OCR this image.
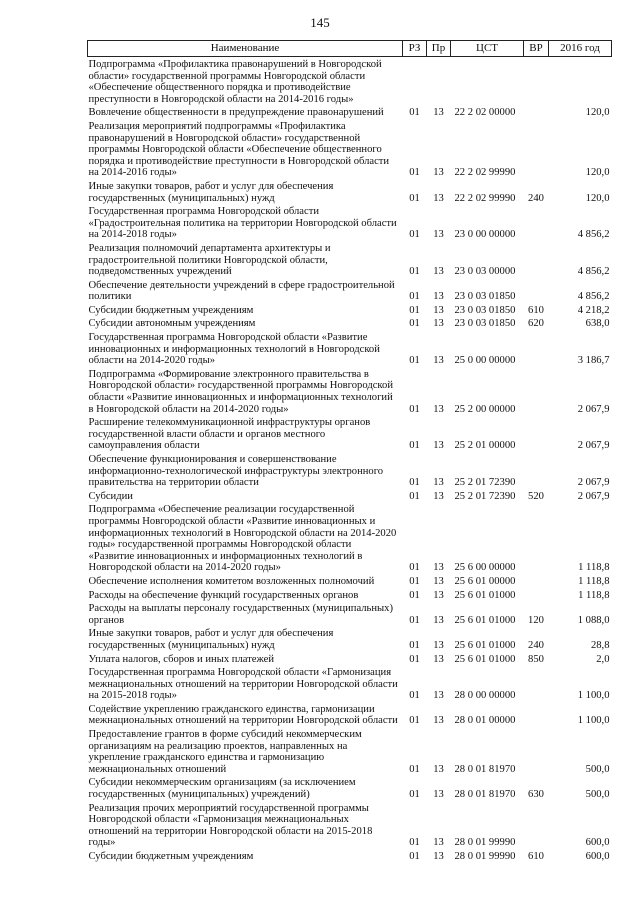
145
Наименование	РЗ	Пр	ЦСТ	ВР	2016 год
Подпрограмма «Профилактика правонарушений в Новгородской области» государственной программы Новгородской области «Обеспечение общественного порядка и противодействие преступности в Новгородской области на 2014-2016 годы»					
Вовлечение общественности в предупреждение правонарушений	01	13	22 2 02 00000		120,0
Реализация мероприятий подпрограммы «Профилактика правонарушений в Новгородской области» государственной программы Новгородской области «Обеспечение общественного порядка и противодействие преступности в Новгородской области на 2014-2016 годы»	01	13	22 2 02 99990		120,0
Иные закупки товаров, работ и услуг для обеспечения государственных (муниципальных) нужд	01	13	22 2 02 99990	240	120,0
Государственная программа Новгородской области «Градостроительная политика на территории Новгородской области на 2014-2018 годы»	01	13	23 0 00 00000		4 856,2
Реализация полномочий департамента архитектуры и градостроительной политики Новгородской области, подведомственных учреждений	01	13	23 0 03 00000		4 856,2
Обеспечение деятельности учреждений в сфере градостроительной политики	01	13	23 0 03 01850		4 856,2
Субсидии бюджетным учреждениям	01	13	23 0 03 01850	610	4 218,2
Субсидии автономным учреждениям	01	13	23 0 03 01850	620	638,0
Государственная программа Новгородской области «Развитие инновационных и информационных технологий в Новгородской области на 2014-2020 годы»	01	13	25 0 00 00000		3 186,7
Подпрограмма «Формирование электронного правительства в Новгородской области» государственной программы Новгородской области «Развитие инновационных и информационных технологий в Новгородской области на 2014-2020 годы»	01	13	25 2 00 00000		2 067,9
Расширение телекоммуникационной инфраструктуры органов государственной власти области и органов местного самоуправления области	01	13	25 2 01 00000		2 067,9
Обеспечение функционирования и совершенствование информационно-технологической инфраструктуры электронного правительства на территории области	01	13	25 2 01 72390		2 067,9
Субсидии	01	13	25 2 01 72390	520	2 067,9
Подпрограмма «Обеспечение реализации государственной программы Новгородской области «Развитие инновационных и информационных технологий в Новгородской области на 2014-2020 годы» государственной программы Новгородской области «Развитие инновационных и информационных технологий в Новгородской области на 2014-2020 годы»	01	13	25 6 00 00000		1 118,8
Обеспечение исполнения комитетом возложенных полномочий	01	13	25 6 01 00000		1 118,8
Расходы на обеспечение функций государственных органов	01	13	25 6 01 01000		1 118,8
Расходы на выплаты персоналу государственных (муниципальных) органов	01	13	25 6 01 01000	120	1 088,0
Иные закупки товаров, работ и услуг для обеспечения государственных (муниципальных) нужд	01	13	25 6 01 01000	240	28,8
Уплата налогов, сборов и иных платежей	01	13	25 6 01 01000	850	2,0
Государственная программа Новгородской области «Гармонизация межнациональных отношений на территории Новгородской области на 2015-2018 годы»	01	13	28 0 00 00000		1 100,0
Содействие укреплению гражданского единства, гармонизации межнациональных отношений на территории Новгородской области	01	13	28 0 01 00000		1 100,0
Предоставление грантов в форме субсидий некоммерческим организациям на реализацию проектов, направленных на укрепление гражданского единства и гармонизацию межнациональных отношений	01	13	28 0 01 81970		500,0
Субсидии некоммерческим организациям (за исключением государственных (муниципальных) учреждений)	01	13	28 0 01 81970	630	500,0
Реализация прочих мероприятий государственной программы Новгородской области «Гармонизация межнациональных отношений на территории Новгородской области на 2015-2018 годы»	01	13	28 0 01 99990		600,0
Субсидии бюджетным учреждениям	01	13	28 0 01 99990	610	600,0
